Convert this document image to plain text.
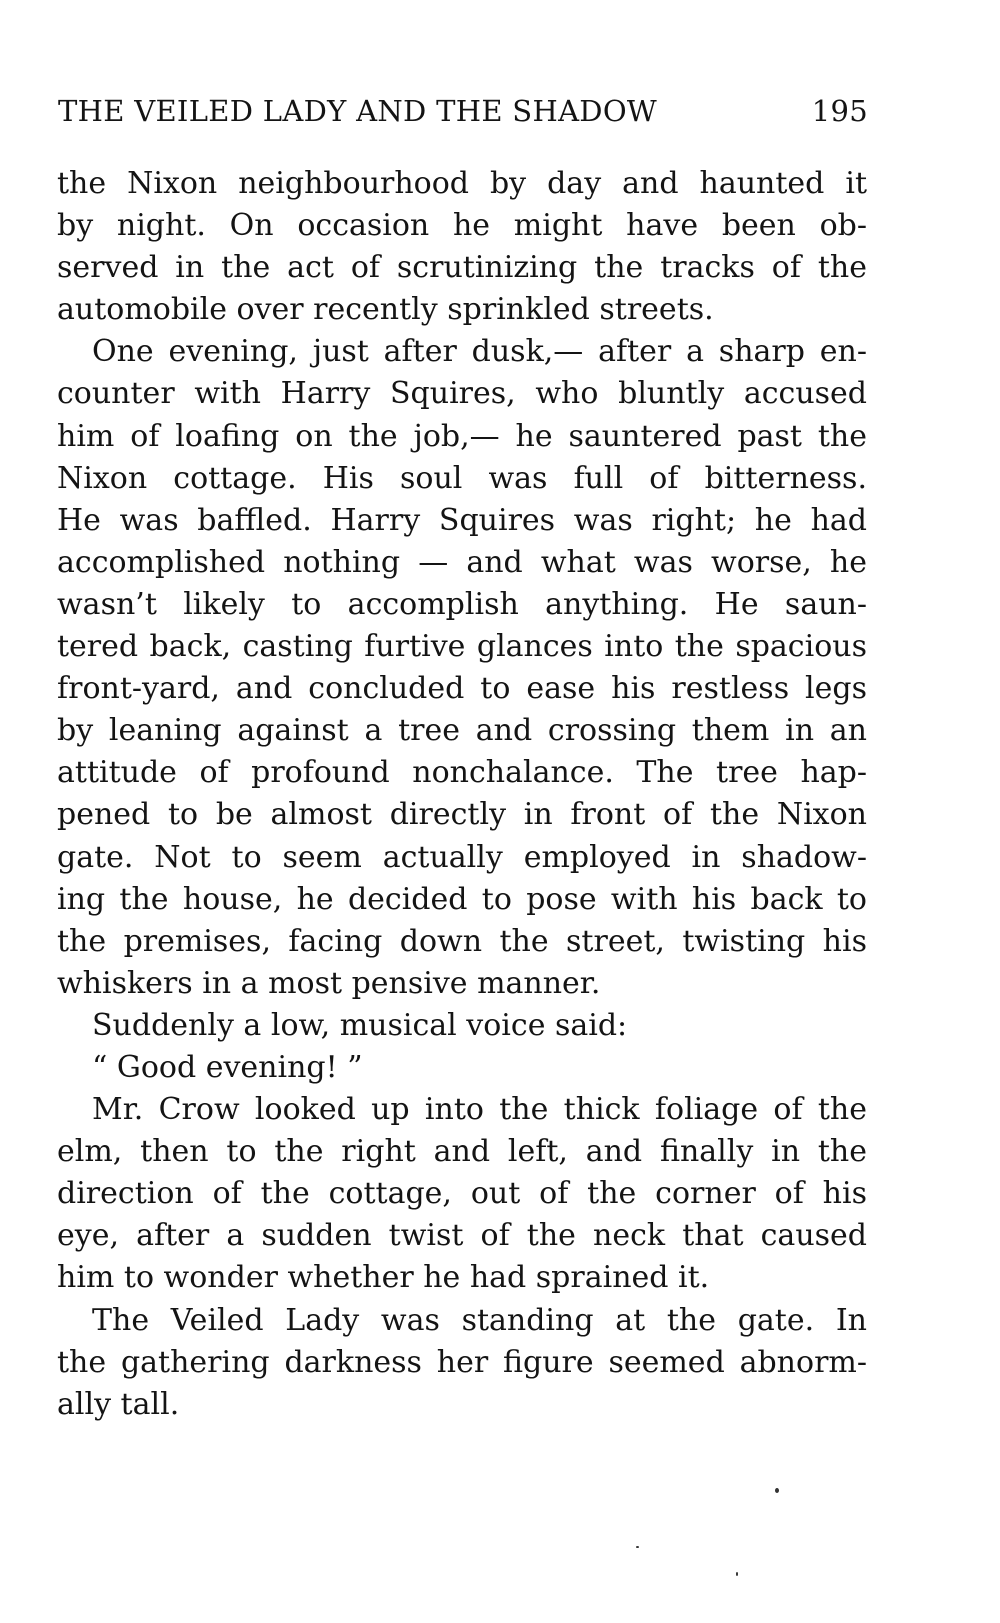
THE VEILED LADY AND THE SHADOW	195
the Nixon neighbourhood by day and haunted it
by night. On occasion he might have been ob-
served in the act of scrutinizing the tracks of the
automobile over recently sprinkled streets.
One evening, just after dusk,— after a sharp en-
counter with Harry Squires, who bluntly accused
him of loafing on the job,— he sauntered past the
Nixon cottage. His soul was full of bitterness.
He was baffled. Harry Squires was right; he had
accomplished nothing — and what was worse, he
wasn’t likely to accomplish anything. He saun-
tered back, casting furtive glances into the spacious
front-yard, and concluded to ease his restless legs
by leaning against a tree and crossing them in an
attitude of profound nonchalance. The tree hap-
pened to be almost directly in front of the Nixon
gate. Not to seem actually employed in shadow-
ing the house, he decided to pose with his back to
the premises, facing down the street, twisting his
whiskers in a most pensive manner.
Suddenly a low, musical voice said:
“ Good evening! ”
Mr. Crow looked up into the thick foliage of the
elm, then to the right and left, and finally in the
direction of the cottage, out of the corner of his
eye, after a sudden twist of the neck that caused
him to wonder whether he had sprained it.
The Veiled Lady was standing at the gate. In
the gathering darkness her figure seemed abnorm-
ally tall.
